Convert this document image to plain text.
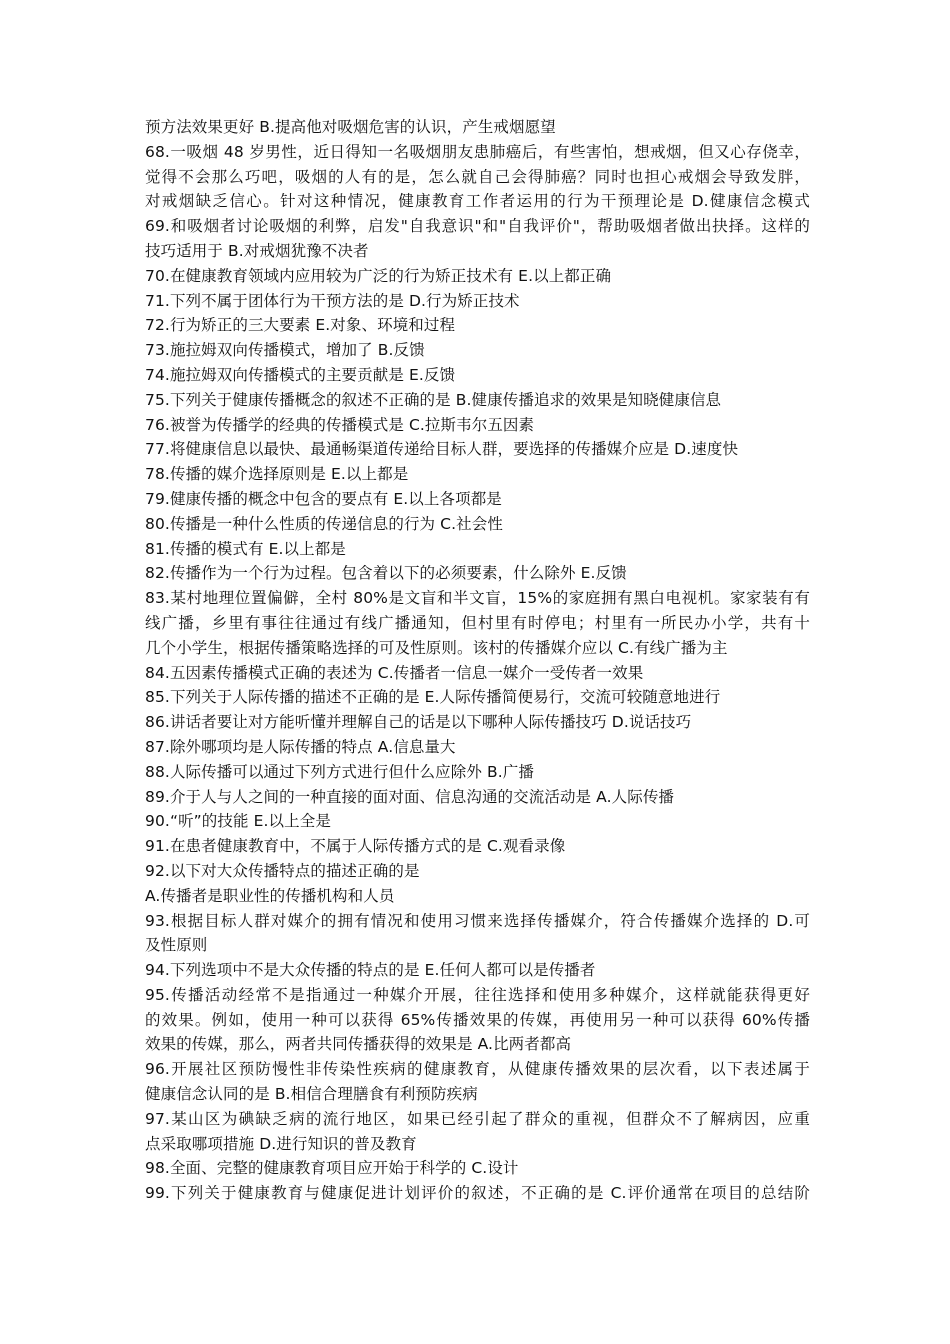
预方法效果更好 B.提高他对吸烟危害的认识，产生戒烟愿望
68.一吸烟 48 岁男性，近日得知一名吸烟朋友患肺癌后，有些害怕，想戒烟，但又心存侥幸，
觉得不会那么巧吧，吸烟的人有的是，怎么就自己会得肺癌？同时也担心戒烟会导致发胖，
对戒烟缺乏信心。针对这种情况，健康教育工作者运用的行为干预理论是 D.健康信念模式
69.和吸烟者讨论吸烟的利弊，启发"自我意识"和"自我评价"，帮助吸烟者做出抉择。这样的
技巧适用于 B.对戒烟犹豫不决者
70.在健康教育领域内应用较为广泛的行为矫正技术有 E.以上都正确
71.下列不属于团体行为干预方法的是 D.行为矫正技术
72.行为矫正的三大要素 E.对象、环境和过程
73.施拉姆双向传播模式，增加了 B.反馈
74.施拉姆双向传播模式的主要贡献是 E.反馈
75.下列关于健康传播概念的叙述不正确的是 B.健康传播追求的效果是知晓健康信息
76.被誉为传播学的经典的传播模式是 C.拉斯韦尔五因素
77.将健康信息以最快、最通畅渠道传递给目标人群，要选择的传播媒介应是 D.速度快
78.传播的媒介选择原则是 E.以上都是
79.健康传播的概念中包含的要点有 E.以上各项都是
80.传播是一种什么性质的传递信息的行为 C.社会性
81.传播的模式有 E.以上都是
82.传播作为一个行为过程。包含着以下的必须要素，什么除外 E.反馈
83.某村地理位置偏僻，全村 80%是文盲和半文盲，15%的家庭拥有黑白电视机。家家装有有
线广播，乡里有事往往通过有线广播通知，但村里有时停电；村里有一所民办小学，共有十
几个小学生，根据传播策略选择的可及性原则。该村的传播媒介应以 C.有线广播为主
84.五因素传播模式正确的表述为 C.传播者一信息一媒介一受传者一效果
85.下列关于人际传播的描述不正确的是 E.人际传播简便易行，交流可较随意地进行
86.讲话者要让对方能听懂并理解自己的话是以下哪种人际传播技巧 D.说话技巧
87.除外哪项均是人际传播的特点 A.信息量大
88.人际传播可以通过下列方式进行但什么应除外 B.广播
89.介于人与人之间的一种直接的面对面、信息沟通的交流活动是 A.人际传播
90.“听”的技能 E.以上全是
91.在患者健康教育中，不属于人际传播方式的是 C.观看录像
92.以下对大众传播特点的描述正确的是
A.传播者是职业性的传播机构和人员
93.根据目标人群对媒介的拥有情况和使用习惯来选择传播媒介，符合传播媒介选择的 D.可
及性原则
94.下列选项中不是大众传播的特点的是 E.任何人都可以是传播者
95.传播活动经常不是指通过一种媒介开展，往往选择和使用多种媒介，这样就能获得更好
的效果。例如，使用一种可以获得 65%传播效果的传媒，再使用另一种可以获得 60%传播
效果的传媒，那么，两者共同传播获得的效果是 A.比两者都高
96.开展社区预防慢性非传染性疾病的健康教育，从健康传播效果的层次看，以下表述属于
健康信念认同的是 B.相信合理膳食有利预防疾病
97.某山区为碘缺乏病的流行地区，如果已经引起了群众的重视，但群众不了解病因，应重
点采取哪项措施 D.进行知识的普及教育
98.全面、完整的健康教育项目应开始于科学的 C.设计
99.下列关于健康教育与健康促进计划评价的叙述，不正确的是 C.评价通常在项目的总结阶
